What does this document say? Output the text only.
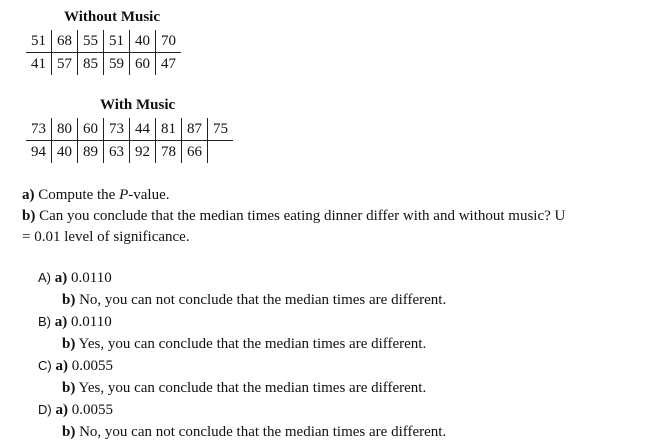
Without Music
51	68	55	51	40	70
41	57	85	59	60	47
With Music
73	80	60	73	44	81	87	75
94	40	89	63	92	78	66	
a) Compute the P-value.
b) Can you conclude that the median times eating dinner differ with and without music? U
= 0.01 level of significance.
A) a) 0.0110
b) No, you can not conclude that the median times are different.
B) a) 0.0110
b) Yes, you can conclude that the median times are different.
C) a) 0.0055
b) Yes, you can conclude that the median times are different.
D) a) 0.0055
b) No, you can not conclude that the median times are different.
